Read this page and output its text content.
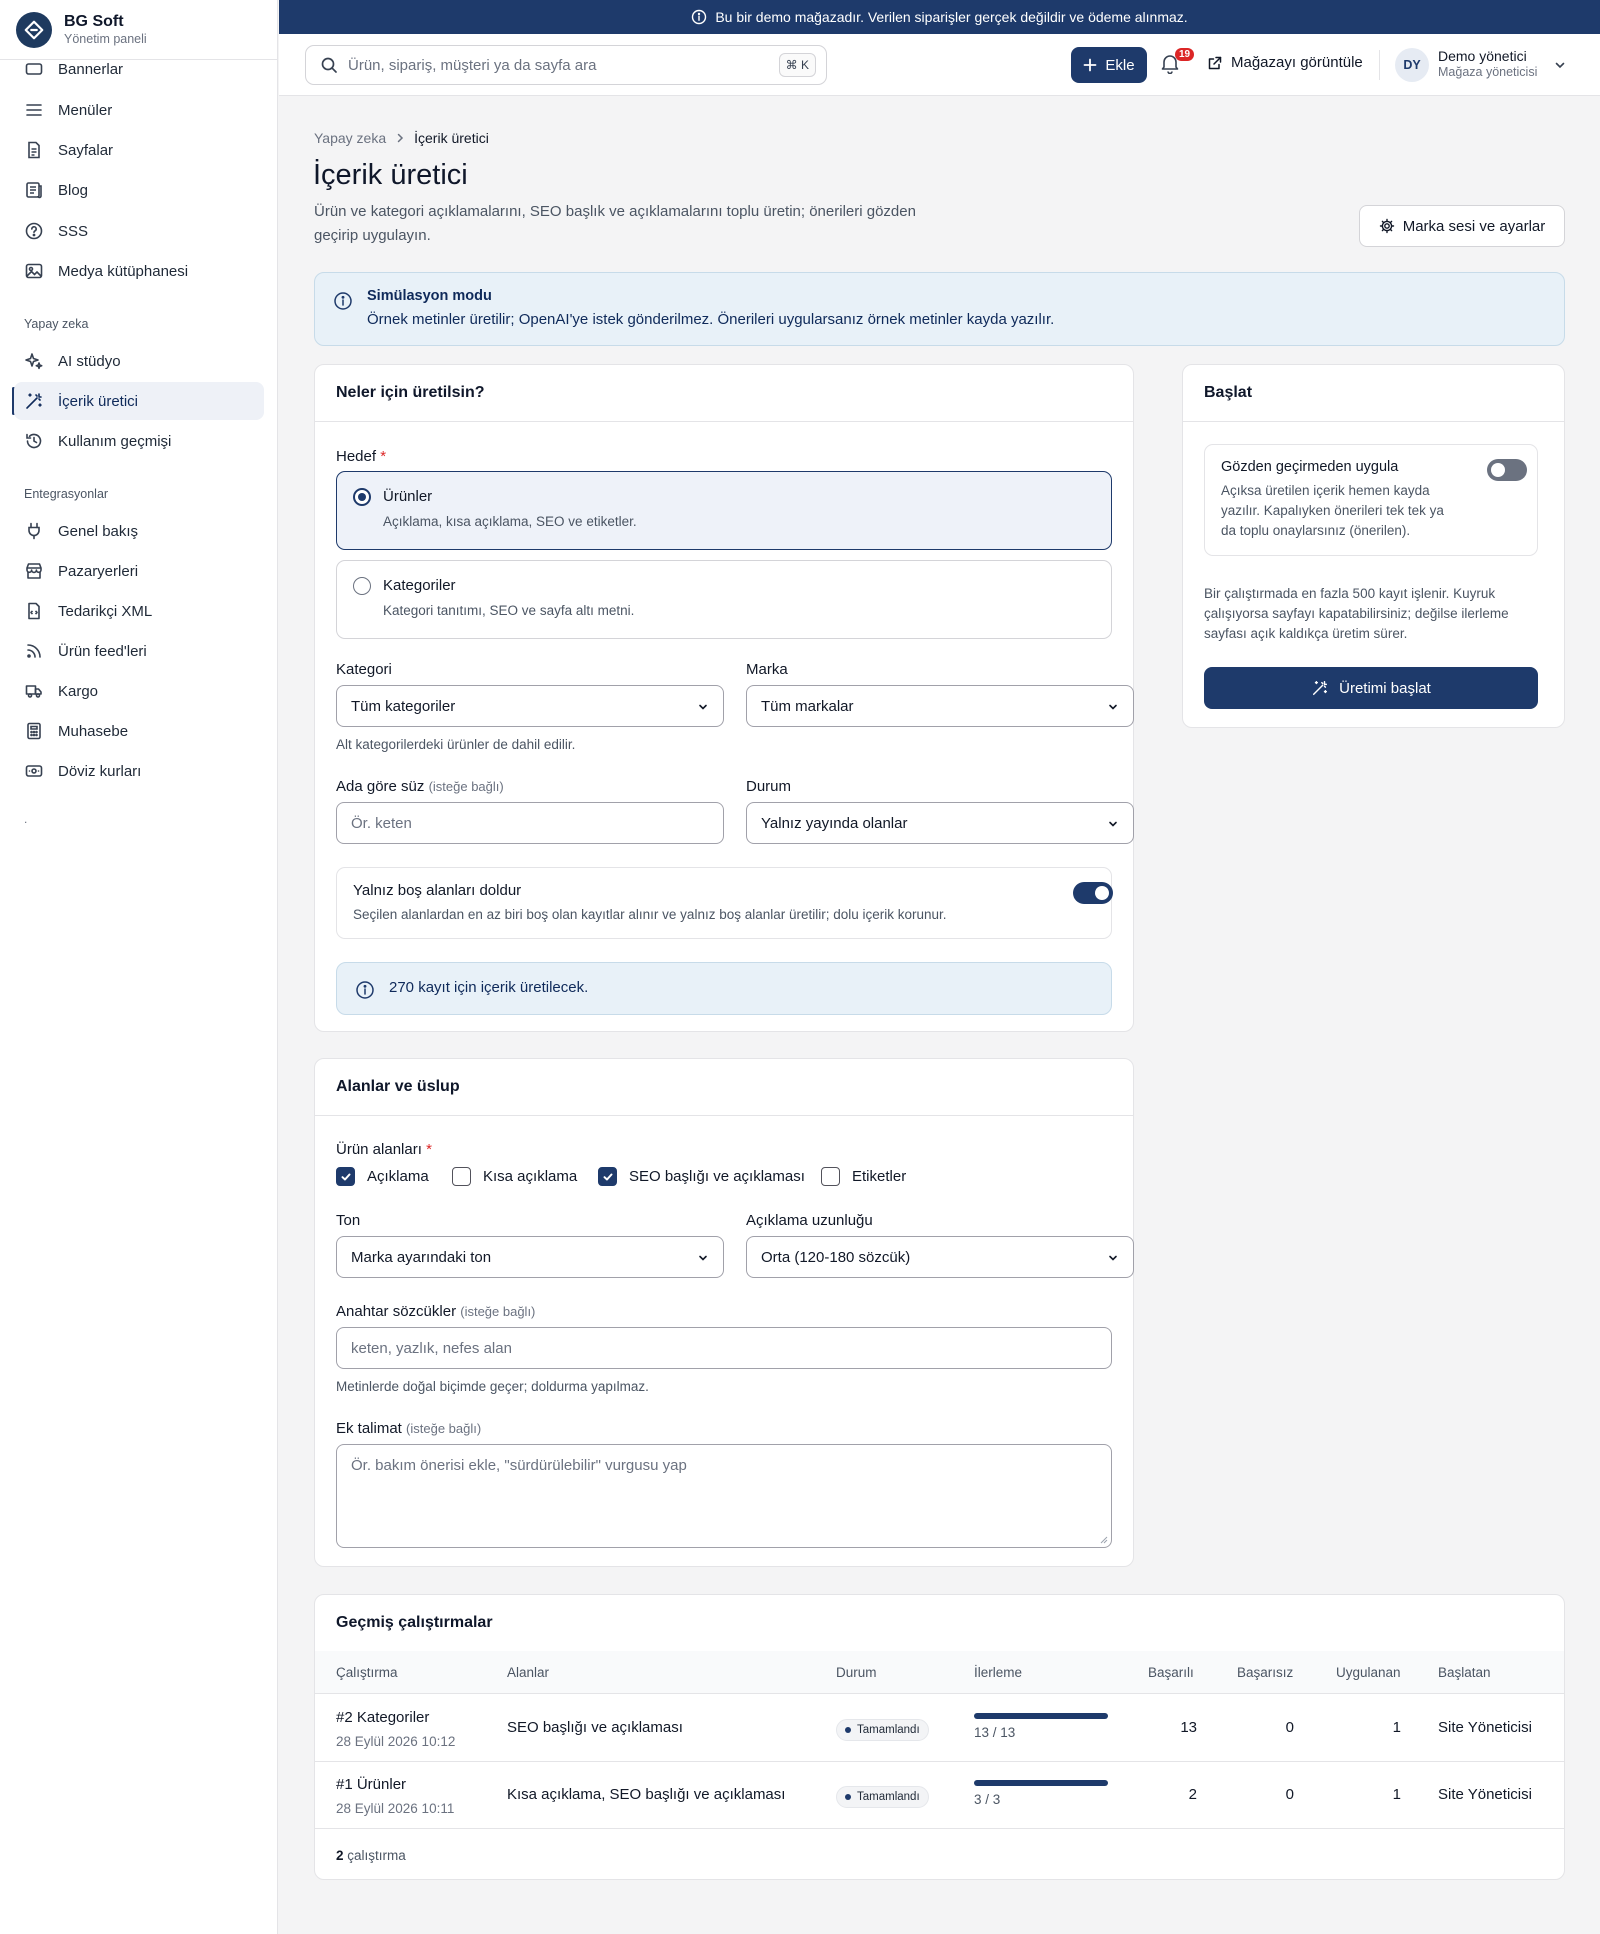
BG Soft
Yönetim paneli
Bannerlar
Menüler
Sayfalar
Blog
SSS
Medya kütüphanesi
Yapay zeka
AI stüdyo
İçerik üretici
Kullanım geçmişi
Entegrasyonlar
Genel bakış
Pazaryerleri
Tedarikçi XML
Ürün feed'leri
Kargo
Muhasebe
Döviz kurları
.
Bu bir demo mağazadır. Verilen siparişler gerçek değildir ve ödeme alınmaz.
Ürün, sipariş, müşteri ya da sayfa ara	⌘ K	Ekle
19	Mağazayı görüntüle	DY
Demo yönetici
Mağaza yöneticisi
Yapay zeka İçerik üretici
İçerik üretici

Ürün ve kategori açıklamalarını, SEO başlık ve açıklamalarını toplu üretin; önerileri gözden geçirip uygulayın.

Marka sesi ve ayarlar
Simülasyon modu
Örnek metinler üretilir; OpenAI'ye istek gönderilmez. Önerileri uygularsanız örnek metinler kayda yazılır.
Neler için üretilsin?
Hedef *
Ürünler
Açıklama, kısa açıklama, SEO ve etiketler.
Kategoriler
Kategori tanıtımı, SEO ve sayfa altı metni.
Kategori
Tüm kategoriler
Alt kategorilerdeki ürünler de dahil edilir.
Marka
Tüm markalar
Ada göre süz (isteğe bağlı)
Ör. keten
Durum
Yalnız yayında olanlar
Yalnız boş alanları doldur
Seçilen alanlardan en az biri boş olan kayıtlar alınır ve yalnız boş alanlar üretilir; dolu içerik korunur.
270 kayıt için içerik üretilecek.
Başlat
Gözden geçirmeden uygula
Açıksa üretilen içerik hemen kayda yazılır. Kapalıyken önerileri tek tek ya da toplu onaylarsınız (önerilen).
Bir çalıştırmada en fazla 500 kayıt işlenir. Kuyruk çalışıyorsa sayfayı kapatabilirsiniz; değilse ilerleme sayfası açık kaldıkça üretim sürer.
Üretimi başlat
Alanlar ve üslup
Ürün alanları *
Açıklama	Kısa açıklama	SEO başlığı ve açıklaması	Etiketler
Ton
Marka ayarındaki ton
Açıklama uzunluğu
Orta (120-180 sözcük)
Anahtar sözcükler (isteğe bağlı)
keten, yazlık, nefes alan
Metinlerde doğal biçimde geçer; doldurma yapılmaz.
Ek talimat (isteğe bağlı)
Ör. bakım önerisi ekle, "sürdürülebilir" vurgusu yap
Geçmiş çalıştırmalar
Çalıştırma	Alanlar	Durum	İlerleme	Başarılı	Başarısız	Uygulanan	Başlatan
#2 Kategoriler
28 Eylül 2026 10:12
SEO başlığı ve açıklaması	Tamamlandı	13 / 13	13	0	1 Site Yöneticisi
#1 Ürünler
28 Eylül 2026 10:11
Kısa açıklama, SEO başlığı ve açıklaması	Tamamlandı	3 / 3	2	0	1 Site Yöneticisi
2 çalıştırma
